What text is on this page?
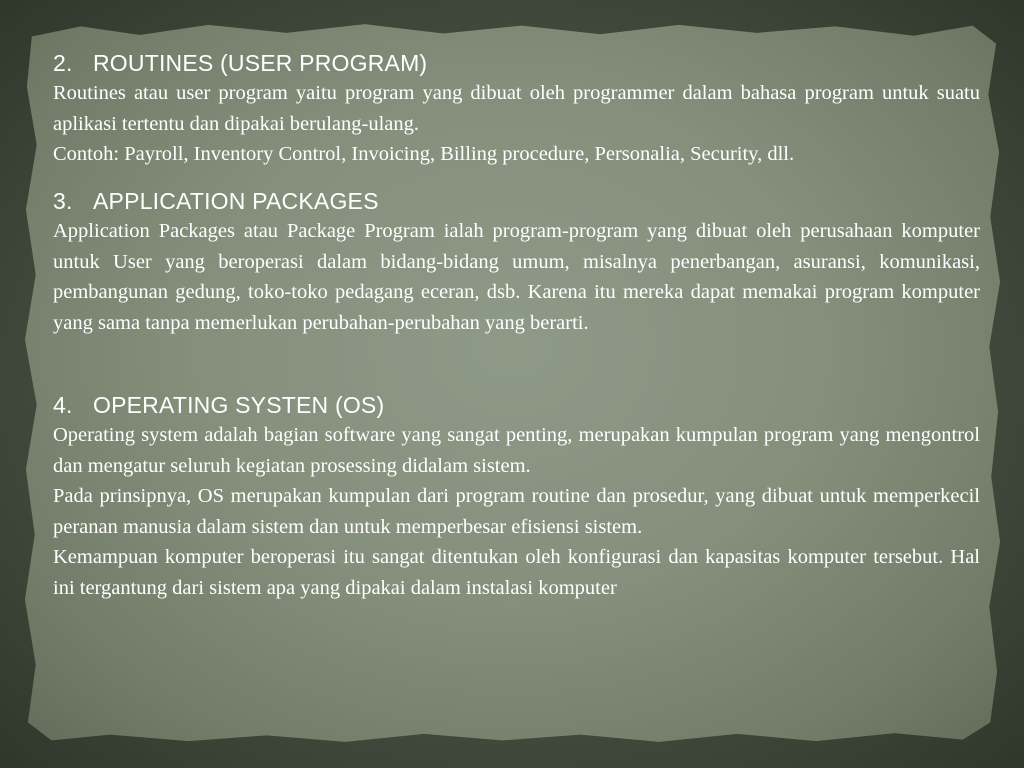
2. ROUTINES (USER PROGRAM)

Routines atau user program yaitu program yang dibuat oleh programmer dalam bahasa program untuk suatu aplikasi tertentu dan dipakai berulang-ulang.

Contoh: Payroll, Inventory Control, Invoicing, Billing procedure, Personalia, Security, dll.

3. APPLICATION PACKAGES

Application Packages atau Package Program ialah program-program yang dibuat oleh perusahaan komputer untuk User yang beroperasi dalam bidang-bidang umum, misalnya penerbangan, asuransi, komunikasi, pembangunan gedung, toko-toko pedagang eceran, dsb. Karena itu mereka dapat memakai program komputer yang sama tanpa memerlukan perubahan-perubahan yang berarti.

4. OPERATING SYSTEN (OS)

Operating system adalah bagian software yang sangat penting, merupakan kumpulan program yang mengontrol dan mengatur seluruh kegiatan prosessing didalam sistem.

Pada prinsipnya, OS merupakan kumpulan dari program routine dan prosedur, yang dibuat untuk memperkecil peranan manusia dalam sistem dan untuk memperbesar efisiensi sistem.

Kemampuan komputer beroperasi itu sangat ditentukan oleh konfigurasi dan kapasitas komputer tersebut. Hal ini tergantung dari sistem apa yang dipakai dalam instalasi komputer
